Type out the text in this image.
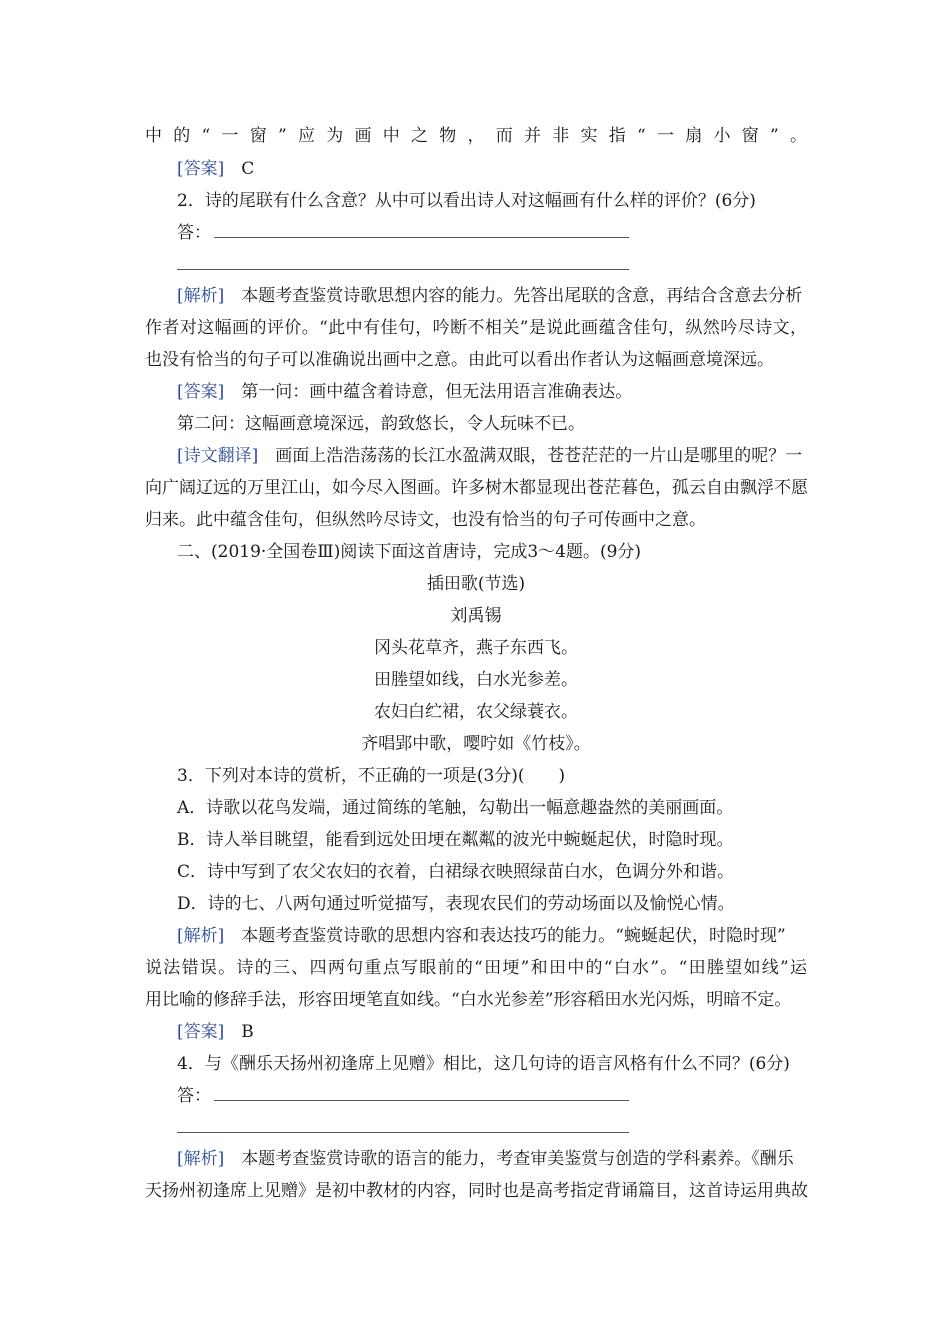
中的“一窗”应为画中之物，而并非实指“一扇小窗”。
[答案]　 C
2．诗的尾联有什么含意？从中可以看出诗人对这幅画有什么样的评价？(6分)
答：
[解析]　 本题考查鉴赏诗歌思想内容的能力。先答出尾联的含意，再结合含意去分析
作者对这幅画的评价。“此中有佳句，吟断不相关”是说此画蕴含佳句，纵然吟尽诗文，
也没有恰当的句子可以准确说出画中之意。由此可以看出作者认为这幅画意境深远。
[答案]　 第一问：画中蕴含着诗意，但无法用语言准确表达。
第二问：这幅画意境深远，韵致悠长，令人玩味不已。
[诗文翻译]　 画面上浩浩荡荡的长江水盈满双眼，苍苍茫茫的一片山是哪里的呢？一
向广阔辽远的万里江山，如今尽入图画。许多树木都显现出苍茫暮色，孤云自由飘浮不愿
归来。此中蕴含佳句，但纵然吟尽诗文，也没有恰当的句子可传画中之意。
二、(2019·全国卷Ⅲ)阅读下面这首唐诗，完成3～4题。(9分)
插田歌(节选)
刘禹锡
冈头花草齐，燕子东西飞。
田塍望如线，白水光参差。
农妇白纻裙，农父绿蓑衣。
齐唱郢中歌，嘤咛如《竹枝》。
3．下列对本诗的赏析，不正确的一项是(3分)(　　)
A．诗歌以花鸟发端，通过简练的笔触，勾勒出一幅意趣盎然的美丽画面。
B．诗人举目眺望，能看到远处田埂在粼粼的波光中蜿蜒起伏，时隐时现。
C．诗中写到了农父农妇的衣着，白裙绿衣映照绿苗白水，色调分外和谐。
D．诗的七、八两句通过听觉描写，表现农民们的劳动场面以及愉悦心情。
[解析]　 本题考查鉴赏诗歌的思想内容和表达技巧的能力。“蜿蜒起伏，时隐时现”
说法错误。诗的三、四两句重点写眼前的“田埂”和田中的“白水”。“田塍望如线”运
用比喻的修辞手法，形容田埂笔直如线。“白水光参差”形容稻田水光闪烁，明暗不定。
[答案]　 B
4．与《酬乐天扬州初逢席上见赠》相比，这几句诗的语言风格有什么不同？(6分)
答：
[解析]　 本题考查鉴赏诗歌的语言的能力，考查审美鉴赏与创造的学科素养。《酬乐
天扬州初逢席上见赠》是初中教材的内容，同时也是高考指定背诵篇目，这首诗运用典故
